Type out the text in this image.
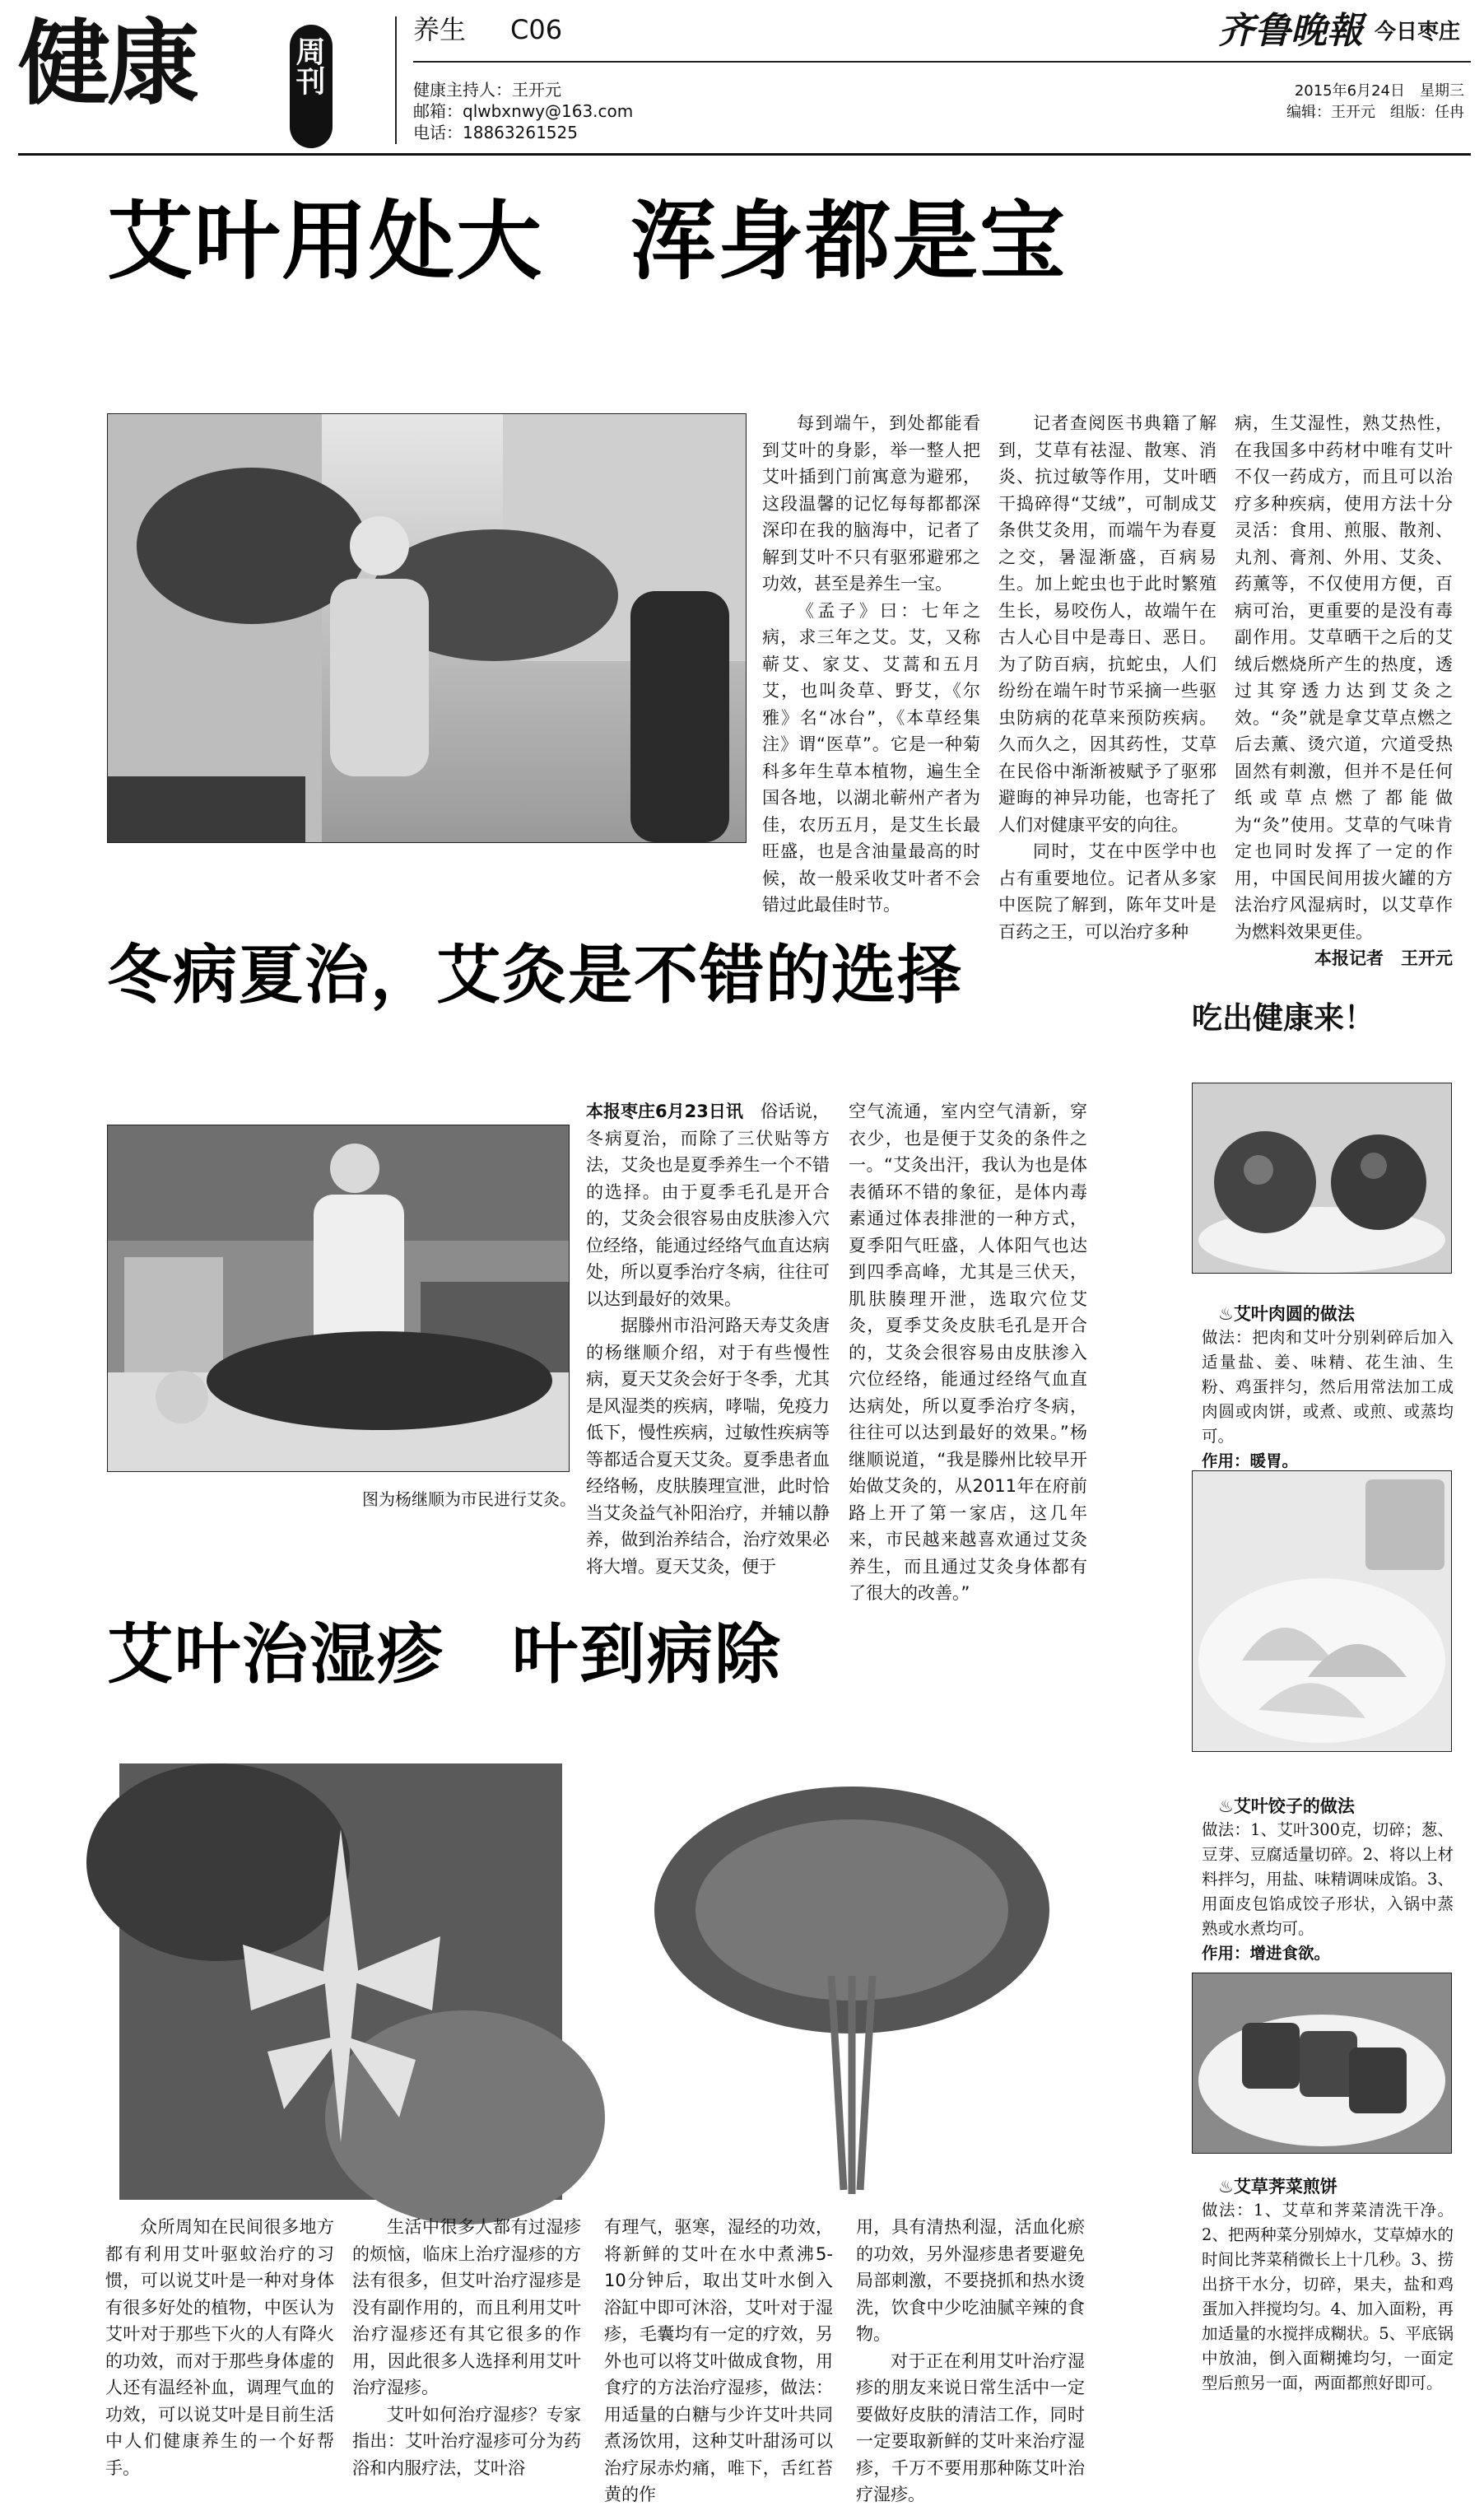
健康	周刊
养生 C06
健康主持人：王开元
邮箱：qlwbxnwy@163.com
电话：18863261525
齐鲁晚報 今日枣庄
2015年6月24日　星期三
编辑：王开元　组版：任冉
艾叶用处大　浑身都是宝

每到端午，到处都能看到艾叶的身影，举一整人把艾叶插到门前寓意为避邪，这段温馨的记忆每每都都深深印在我的脑海中，记者了解到艾叶不只有驱邪避邪之功效，甚至是养生一宝。

《孟子》曰：七年之病，求三年之艾。艾，又称蕲艾、家艾、艾蒿和五月艾，也叫灸草、野艾，《尔雅》名“冰台”，《本草经集注》谓“医草”。它是一种菊科多年生草本植物，遍生全国各地，以湖北蕲州产者为佳，农历五月，是艾生长最旺盛，也是含油量最高的时候，故一般采收艾叶者不会错过此最佳时节。

记者查阅医书典籍了解到，艾草有祛湿、散寒、消炎、抗过敏等作用，艾叶晒干捣碎得“艾绒”，可制成艾条供艾灸用，而端午为春夏之交，暑湿渐盛，百病易生。加上蛇虫也于此时繁殖生长，易咬伤人，故端午在古人心目中是毒日、恶日。为了防百病，抗蛇虫，人们纷纷在端午时节采摘一些驱虫防病的花草来预防疾病。久而久之，因其药性，艾草在民俗中渐渐被赋予了驱邪避晦的神异功能，也寄托了人们对健康平安的向往。

同时，艾在中医学中也占有重要地位。记者从多家中医院了解到，陈年艾叶是百药之王，可以治疗多种

病，生艾湿性，熟艾热性，在我国多中药材中唯有艾叶不仅一药成方，而且可以治疗多种疾病，使用方法十分灵活：食用、煎服、散剂、丸剂、膏剂、外用、艾灸、药薰等，不仅使用方便，百病可治，更重要的是没有毒副作用。艾草晒干之后的艾绒后燃烧所产生的热度，透过其穿透力达到艾灸之效。“灸”就是拿艾草点燃之后去薰、烫穴道，穴道受热固然有刺激，但并不是任何纸或草点燃了都能做为“灸”使用。艾草的气味肯定也同时发挥了一定的作用，中国民间用拔火罐的方法治疗风湿病时，以艾草作为燃料效果更佳。

本报记者　王开元

冬病夏治，艾灸是不错的选择
图为杨继顺为市民进行艾灸。

本报枣庄6月23日讯　 俗话说，冬病夏治，而除了三伏贴等方法，艾灸也是夏季养生一个不错的选择。由于夏季毛孔是开合的，艾灸会很容易由皮肤渗入穴位经络，能通过经络气血直达病处，所以夏季治疗冬病，往往可以达到最好的效果。

据滕州市沿河路天寿艾灸唐的杨继顺介绍，对于有些慢性病，夏天艾灸会好于冬季，尤其是风湿类的疾病，哮喘，免疫力低下，慢性疾病，过敏性疾病等等都适合夏天艾灸。夏季患者血经络畅，皮肤腠理宣泄，此时恰当艾灸益气补阳治疗，并辅以静养，做到治养结合，治疗效果必将大增。夏天艾灸，便于

空气流通，室内空气清新，穿衣少，也是便于艾灸的条件之一。“艾灸出汗，我认为也是体表循环不错的象征，是体内毒素通过体表排泄的一种方式，夏季阳气旺盛，人体阳气也达到四季高峰，尤其是三伏天，肌肤腠理开泄，选取穴位艾灸，夏季艾灸皮肤毛孔是开合的，艾灸会很容易由皮肤渗入穴位经络，能通过经络气血直达病处，所以夏季治疗冬病，往往可以达到最好的效果。”杨继顺说道，“我是滕州比较早开始做艾灸的，从2011年在府前路上开了第一家店，这几年来，市民越来越喜欢通过艾灸养生，而且通过艾灸身体都有了很大的改善。”

艾叶治湿疹　叶到病除

众所周知在民间很多地方都有利用艾叶驱蚊治疗的习惯，可以说艾叶是一种对身体有很多好处的植物，中医认为艾叶对于那些下火的人有降火的功效，而对于那些身体虚的人还有温经补血，调理气血的功效，可以说艾叶是目前生活中人们健康养生的一个好帮手。

生活中很多人都有过湿疹的烦恼，临床上治疗湿疹的方法有很多，但艾叶治疗湿疹是没有副作用的，而且利用艾叶治疗湿疹还有其它很多的作用，因此很多人选择利用艾叶治疗湿疹。

艾叶如何治疗湿疹？专家指出：艾叶治疗湿疹可分为药浴和内服疗法，艾叶浴

有理气，驱寒，湿经的功效，将新鲜的艾叶在水中煮沸5-10分钟后，取出艾叶水倒入浴缸中即可沐浴，艾叶对于湿疹，毛囊均有一定的疗效，另外也可以将艾叶做成食物，用食疗的方法治疗湿疹，做法：用适量的白糖与少许艾叶共同煮汤饮用，这种艾叶甜汤可以治疗尿赤灼痛，唯下，舌红苔黄的作

用，具有清热利湿，活血化瘀的功效，另外湿疹患者要避免局部刺激，不要挠抓和热水烫洗，饮食中少吃油腻辛辣的食物。

对于正在利用艾叶治疗湿疹的朋友来说日常生活中一定要做好皮肤的清洁工作，同时一定要取新鲜的艾叶来治疗湿疹，千万不要用那种陈艾叶治疗湿疹。

吃出健康来！
♨艾叶肉圆的做法

做法：把肉和艾叶分别剁碎后加入适量盐、姜、味精、花生油、生粉、鸡蛋拌匀，然后用常法加工成肉圆或肉饼，或煮、或煎、或蒸均可。

作用：暖胃。

♨艾叶饺子的做法

做法：1、艾叶300克，切碎；葱、豆芽、豆腐适量切碎。2、将以上材料拌匀，用盐、味精调味成馅。3、用面皮包馅成饺子形状，入锅中蒸熟或水煮均可。

作用：增进食欲。

♨艾草荠菜煎饼

做法：1、艾草和荠菜清洗干净。2、把两种菜分别焯水，艾草焯水的时间比荠菜稍微长上十几秒。3、捞出挤干水分，切碎，果夫，盐和鸡蛋加入拌搅均匀。4、加入面粉，再加适量的水搅拌成糊状。5、平底锅中放油，倒入面糊摊均匀，一面定型后煎另一面，两面都煎好即可。
